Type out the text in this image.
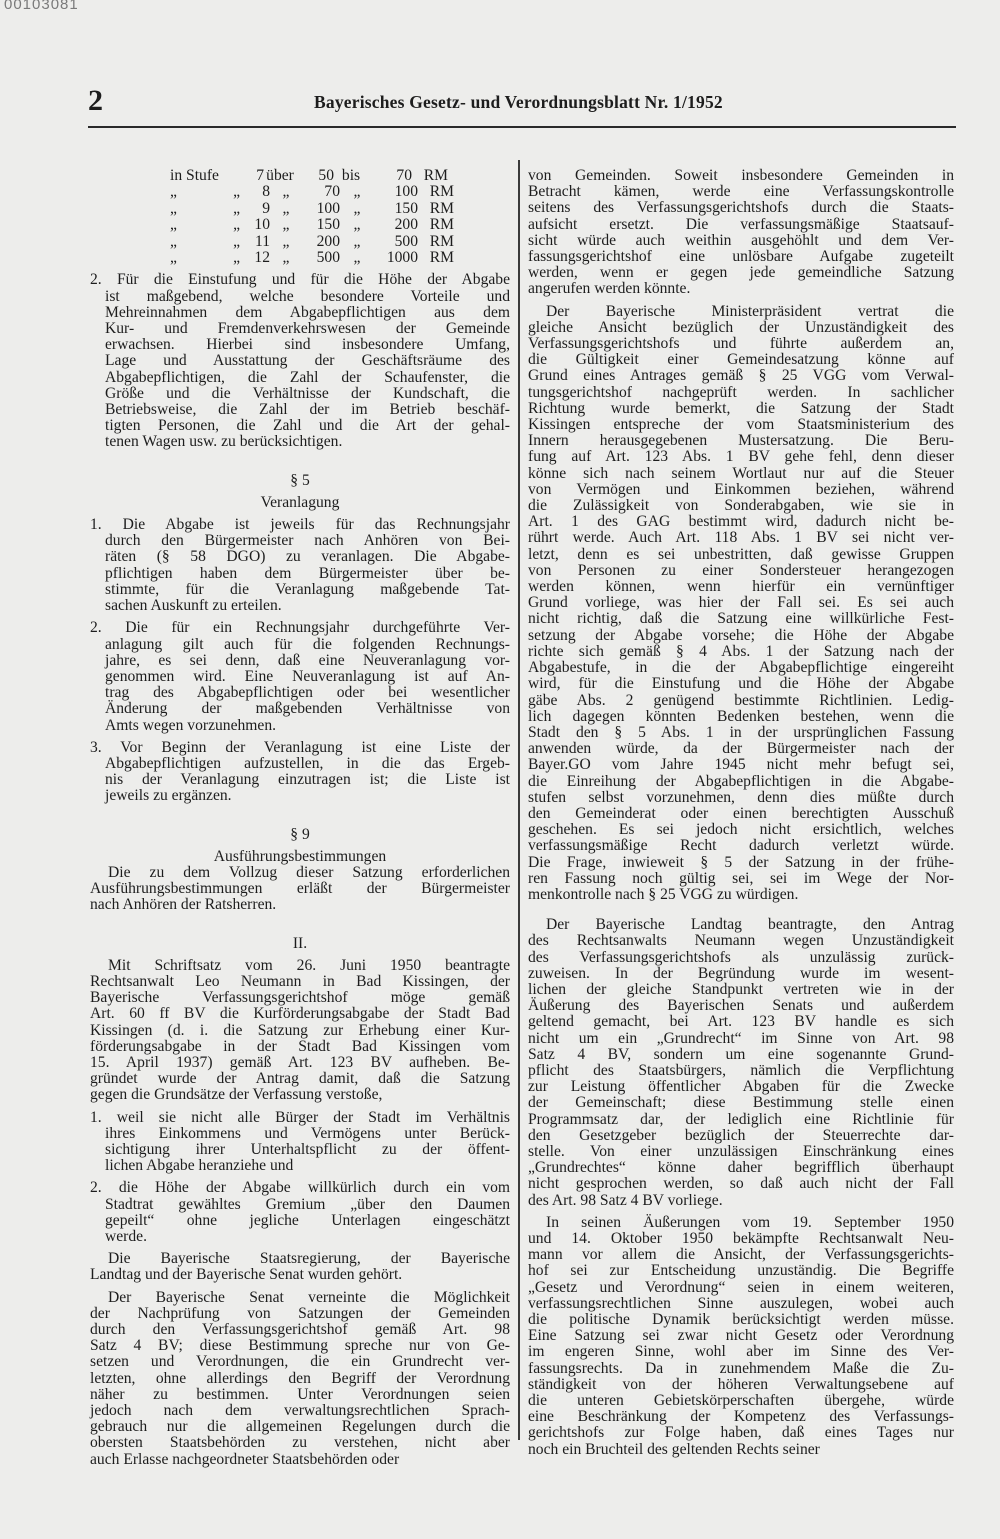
00103081

2	Bayerisches Gesetz- und Verordnungsblatt Nr. 1/1952
in Stufe	7 über	50 bis	70 RM
„	„	8 „	70 „	100 RM
„	„	9 „	100 „	150 RM
„	„ 10 „	150 „	200 RM
„	„ 11 „	200 „	500 RM
„	„ 12 „	500 „	1000 RM
2. Für die Einstufung und für die Höhe der Abgabe
ist maßgebend, welche besondere Vorteile und
Mehreinnahmen dem Abgabepflichtigen aus dem
Kur- und Fremdenverkehrswesen der Gemeinde
erwachsen. Hierbei sind insbesondere Umfang,
Lage und Ausstattung der Geschäftsräume des
Abgabepflichtigen, die Zahl der Schaufenster, die
Größe und die Verhältnisse der Kundschaft, die
Betriebsweise, die Zahl der im Betrieb beschäf-
tigten Personen, die Zahl und die Art der gehal-
tenen Wagen usw. zu berücksichtigen.
§ 5
Veranlagung
1. Die Abgabe ist jeweils für das Rechnungsjahr
durch den Bürgermeister nach Anhören von Bei-
räten (§ 58 DGO) zu veranlagen. Die Abgabe-
pflichtigen haben dem Bürgermeister über be-
stimmte, für die Veranlagung maßgebende Tat-
sachen Auskunft zu erteilen.
2. Die für ein Rechnungsjahr durchgeführte Ver-
anlagung gilt auch für die folgenden Rechnungs-
jahre, es sei denn, daß eine Neuveranlagung vor-
genommen wird. Eine Neuveranlagung ist auf An-
trag des Abgabepflichtigen oder bei wesentlicher
Änderung der maßgebenden Verhältnisse von
Amts wegen vorzunehmen.
3. Vor Beginn der Veranlagung ist eine Liste der
Abgabepflichtigen aufzustellen, in die das Ergeb-
nis der Veranlagung einzutragen ist; die Liste ist
jeweils zu ergänzen.
§ 9
Ausführungsbestimmungen
Die zu dem Vollzug dieser Satzung erforderlichen
Ausführungsbestimmungen erläßt der Bürgermeister
nach Anhören der Ratsherren.
II.
Mit Schriftsatz vom 26. Juni 1950 beantragte
Rechtsanwalt Leo Neumann in Bad Kissingen, der
Bayerische Verfassungsgerichtshof möge gemäß
Art. 60 ff BV die Kurförderungsabgabe der Stadt Bad
Kissingen (d. i. die Satzung zur Erhebung einer Kur-
förderungsabgabe in der Stadt Bad Kissingen vom
15. April 1937) gemäß Art. 123 BV aufheben. Be-
gründet wurde der Antrag damit, daß die Satzung
gegen die Grundsätze der Verfassung verstoße,
1. weil sie nicht alle Bürger der Stadt im Verhältnis
ihres Einkommens und Vermögens unter Berück-
sichtigung ihrer Unterhaltspflicht zu der öffent-
lichen Abgabe heranziehe und
2. die Höhe der Abgabe willkürlich durch ein vom
Stadtrat gewähltes Gremium „über den Daumen
gepeilt“ ohne jegliche Unterlagen eingeschätzt
werde.
Die Bayerische Staatsregierung, der Bayerische
Landtag und der Bayerische Senat wurden gehört.
Der Bayerische Senat verneinte die Möglichkeit
der Nachprüfung von Satzungen der Gemeinden
durch den Verfassungsgerichtshof gemäß Art. 98
Satz 4 BV; diese Bestimmung spreche nur von Ge-
setzen und Verordnungen, die ein Grundrecht ver-
letzten, ohne allerdings den Begriff der Verordnung
näher zu bestimmen. Unter Verordnungen seien
jedoch nach dem verwaltungsrechtlichen Sprach-
gebrauch nur die allgemeinen Regelungen durch die
obersten Staatsbehörden zu verstehen, nicht aber
auch Erlasse nachgeordneter Staatsbehörden oder
von Gemeinden. Soweit insbesondere Gemeinden in
Betracht kämen, werde eine Verfassungskontrolle
seitens des Verfassungsgerichtshofs durch die Staats-
aufsicht ersetzt. Die verfassungsmäßige Staatsauf-
sicht würde auch weithin ausgehöhlt und dem Ver-
fassungsgerichtshof eine unlösbare Aufgabe zugeteilt
werden, wenn er gegen jede gemeindliche Satzung
angerufen werden könnte.
Der Bayerische Ministerpräsident vertrat die
gleiche Ansicht bezüglich der Unzuständigkeit des
Verfassungsgerichtshofs und führte außerdem an,
die Gültigkeit einer Gemeindesatzung könne auf
Grund eines Antrages gemäß § 25 VGG vom Verwal-
tungsgerichtshof nachgeprüft werden. In sachlicher
Richtung wurde bemerkt, die Satzung der Stadt
Kissingen entspreche der vom Staatsministerium des
Innern herausgegebenen Mustersatzung. Die Beru-
fung auf Art. 123 Abs. 1 BV gehe fehl, denn dieser
könne sich nach seinem Wortlaut nur auf die Steuer
von Vermögen und Einkommen beziehen, während
die Zulässigkeit von Sonderabgaben, wie sie in
Art. 1 des GAG bestimmt wird, dadurch nicht be-
rührt werde. Auch Art. 118 Abs. 1 BV sei nicht ver-
letzt, denn es sei unbestritten, daß gewisse Gruppen
von Personen zu einer Sondersteuer herangezogen
werden können, wenn hierfür ein vernünftiger
Grund vorliege, was hier der Fall sei. Es sei auch
nicht richtig, daß die Satzung eine willkürliche Fest-
setzung der Abgabe vorsehe; die Höhe der Abgabe
richte sich gemäß § 4 Abs. 1 der Satzung nach der
Abgabestufe, in die der Abgabepflichtige eingereiht
wird, für die Einstufung und die Höhe der Abgabe
gäbe Abs. 2 genügend bestimmte Richtlinien. Ledig-
lich dagegen könnten Bedenken bestehen, wenn die
Stadt den § 5 Abs. 1 in der ursprünglichen Fassung
anwenden würde, da der Bürgermeister nach der
Bayer.GO vom Jahre 1945 nicht mehr befugt sei,
die Einreihung der Abgabepflichtigen in die Abgabe-
stufen selbst vorzunehmen, denn dies müßte durch
den Gemeinderat oder einen berechtigten Ausschuß
geschehen. Es sei jedoch nicht ersichtlich, welches
verfassungsmäßige Recht dadurch verletzt würde.
Die Frage, inwieweit § 5 der Satzung in der frühe-
ren Fassung noch gültig sei, sei im Wege der Nor-
menkontrolle nach § 25 VGG zu würdigen.
Der Bayerische Landtag beantragte, den Antrag
des Rechtsanwalts Neumann wegen Unzuständigkeit
des Verfassungsgerichtshofs als unzulässig zurück-
zuweisen. In der Begründung wurde im wesent-
lichen der gleiche Standpunkt vertreten wie in der
Äußerung des Bayerischen Senats und außerdem
geltend gemacht, bei Art. 123 BV handle es sich
nicht um ein „Grundrecht“ im Sinne von Art. 98
Satz 4 BV, sondern um eine sogenannte Grund-
pflicht des Staatsbürgers, nämlich die Verpflichtung
zur Leistung öffentlicher Abgaben für die Zwecke
der Gemeinschaft; diese Bestimmung stelle einen
Programmsatz dar, der lediglich eine Richtlinie für
den Gesetzgeber bezüglich der Steuerrechte dar-
stelle. Von einer unzulässigen Einschränkung eines
„Grundrechtes“ könne daher begrifflich überhaupt
nicht gesprochen werden, so daß auch nicht der Fall
des Art. 98 Satz 4 BV vorliege.
In seinen Äußerungen vom 19. September 1950
und 14. Oktober 1950 bekämpfte Rechtsanwalt Neu-
mann vor allem die Ansicht, der Verfassungsgerichts-
hof sei zur Entscheidung unzuständig. Die Begriffe
„Gesetz und Verordnung“ seien in einem weiteren,
verfassungsrechtlichen Sinne auszulegen, wobei auch
die politische Dynamik berücksichtigt werden müsse.
Eine Satzung sei zwar nicht Gesetz oder Verordnung
im engeren Sinne, wohl aber im Sinne des Ver-
fassungsrechts. Da in zunehmendem Maße die Zu-
ständigkeit von der höheren Verwaltungsebene auf
die unteren Gebietskörperschaften übergehe, würde
eine Beschränkung der Kompetenz des Verfassungs-
gerichtshofs zur Folge haben, daß eines Tages nur
noch ein Bruchteil des geltenden Rechts seiner
